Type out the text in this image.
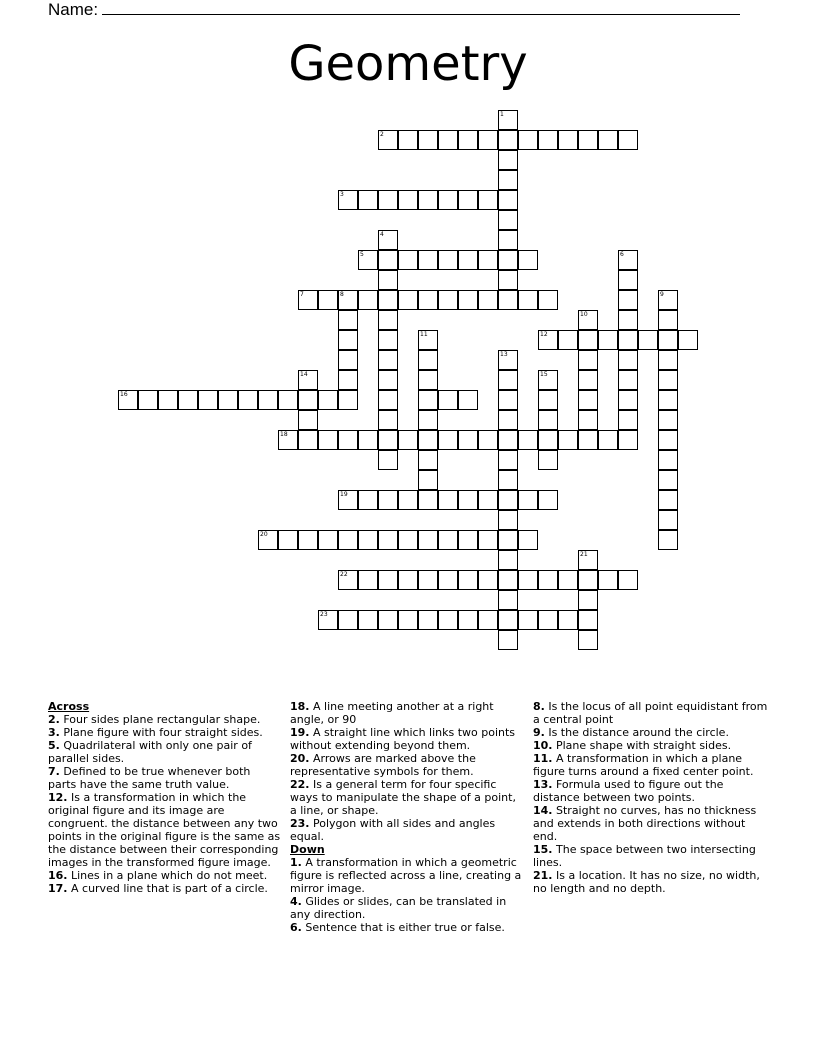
Name:
Geometry
1
2
3
4
5	6
7	8	9
10
11	12
13
14	15
16
18
19
20
21
22
23

Across

2. Four sides plane rectangular shape.

3. Plane figure with four straight sides.

5. Quadrilateral with only one pair of parallel sides.

7. Defined to be true whenever both parts have the same truth value.

12. Is a transformation in which the original figure and its image are congruent. the distance between any two points in the original figure is the same as the distance between their corresponding images in the transformed figure image.

16. Lines in a plane which do not meet.

17. A curved line that is part of a circle.

18. A line meeting another at a right angle, or 90

19. A straight line which links two points without extending beyond them.

20. Arrows are marked above the representative symbols for them.

22. Is a general term for four specific ways to manipulate the shape of a point, a line, or shape.

23. Polygon with all sides and angles equal.

Down

1. A transformation in which a geometric figure is reflected across a line, creating a mirror image.

4. Glides or slides, can be translated in any direction.

6. Sentence that is either true or false.

8. Is the locus of all point equidistant from a central point

9. Is the distance around the circle.

10. Plane shape with straight sides.

11. A transformation in which a plane figure turns around a fixed center point.

13. Formula used to figure out the distance between two points.

14. Straight no curves, has no thickness and extends in both directions without end.

15. The space between two intersecting lines.

21. Is a location. It has no size, no width, no length and no depth.
